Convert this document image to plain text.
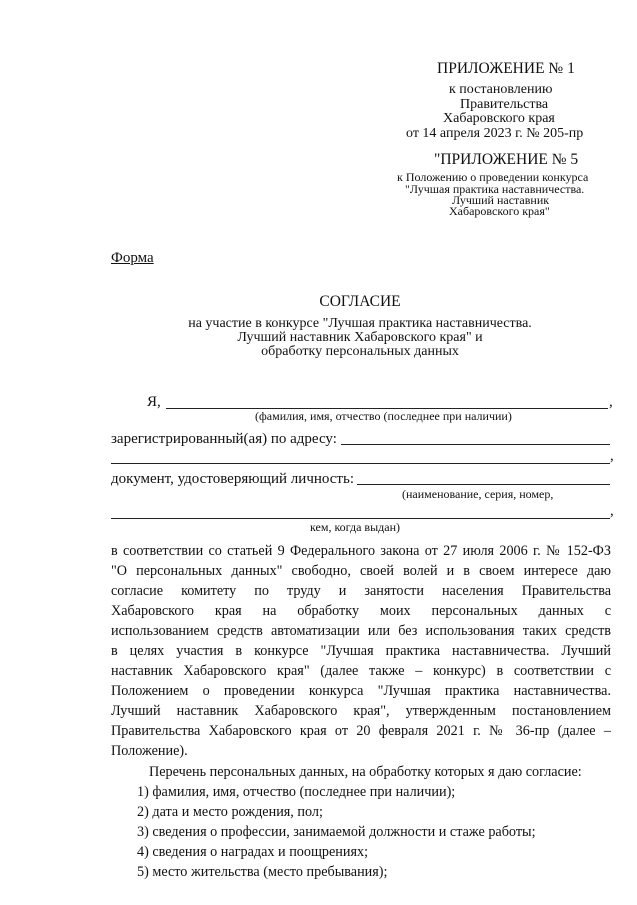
ПРИЛОЖЕНИЕ № 1
к постановлению
Правительства
Хабаровского края
от 14 апреля 2023 г. № 205-пр
"ПРИЛОЖЕНИЕ № 5
к Положению о проведении конкурса
"Лучшая практика наставничества.
Лучший наставник
Хабаровского края"
Форма
СОГЛАСИЕ
на участие в конкурсе "Лучшая практика наставничества.
Лучший наставник Хабаровского края" и
обработку персональных данных
Я,	,
(фамилия, имя, отчество (последнее при наличии)
зарегистрированный(ая) по адресу:
,
документ, удостоверяющий личность:
(наименование, серия, номер,
,
кем, когда выдан)
в соответствии со статьей 9 Федерального закона от 27 июля 2006 г. № 152-ФЗ
"О персональных данных" свободно, своей волей и в своем интересе даю
согласие комитету по труду и занятости населения Правительства
Хабаровского края на обработку моих персональных данных с
использованием средств автоматизации или без использования таких средств
в целях участия в конкурсе "Лучшая практика наставничества. Лучший
наставник Хабаровского края" (далее также – конкурс) в соответствии с
Положением о проведении конкурса "Лучшая практика наставничества.
Лучший наставник Хабаровского края", утвержденным постановлением
Правительства Хабаровского края от 20 февраля 2021 г. № 36-пр (далее –
Положение).
Перечень персональных данных, на обработку которых я даю согласие:
1) фамилия, имя, отчество (последнее при наличии);
2) дата и место рождения, пол;
3) сведения о профессии, занимаемой должности и стаже работы;
4) сведения о наградах и поощрениях;
5) место жительства (место пребывания);
